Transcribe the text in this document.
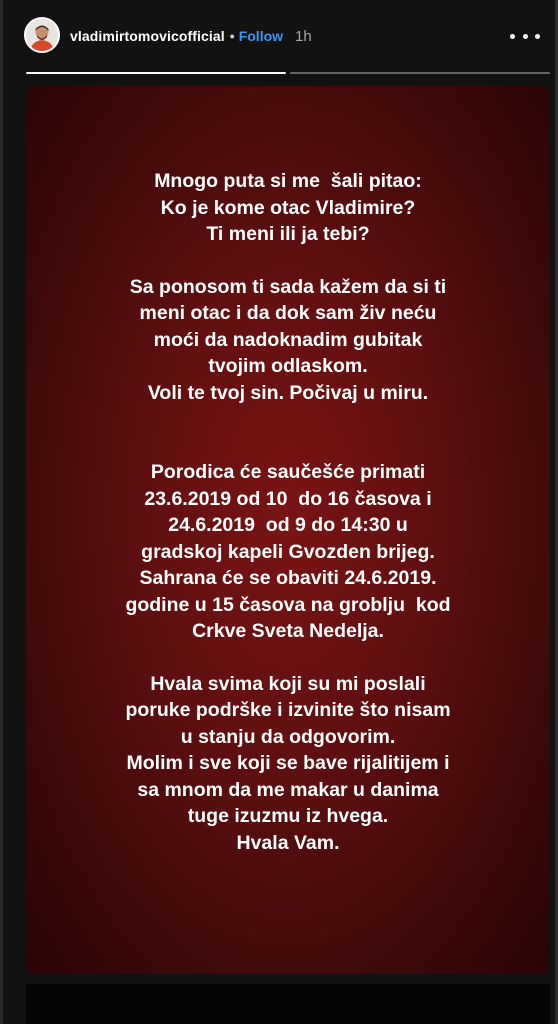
vladimirtomovicofficial • Follow 1h
Mnogo puta si me  šali pitao:
Ko je kome otac Vladimire?
Ti meni ili ja tebi?
Sa ponosom ti sada kažem da si ti
meni otac i da dok sam živ neću
moći da nadoknadim gubitak
tvojim odlaskom.
Voli te tvoj sin. Počivaj u miru.
Porodica će saučešće primati
23.6.2019 od 10  do 16 časova i
24.6.2019  od 9 do 14:30 u
gradskoj kapeli Gvozden brijeg.
Sahrana će se obaviti 24.6.2019.
godine u 15 časova na groblju  kod
Crkve Sveta Nedelja.
Hvala svima koji su mi poslali
poruke podrške i izvinite što nisam
u stanju da odgovorim.
Molim i sve koji se bave rijalitijem i
sa mnom da me makar u danima
tuge izuzmu iz hvega.
Hvala Vam.
